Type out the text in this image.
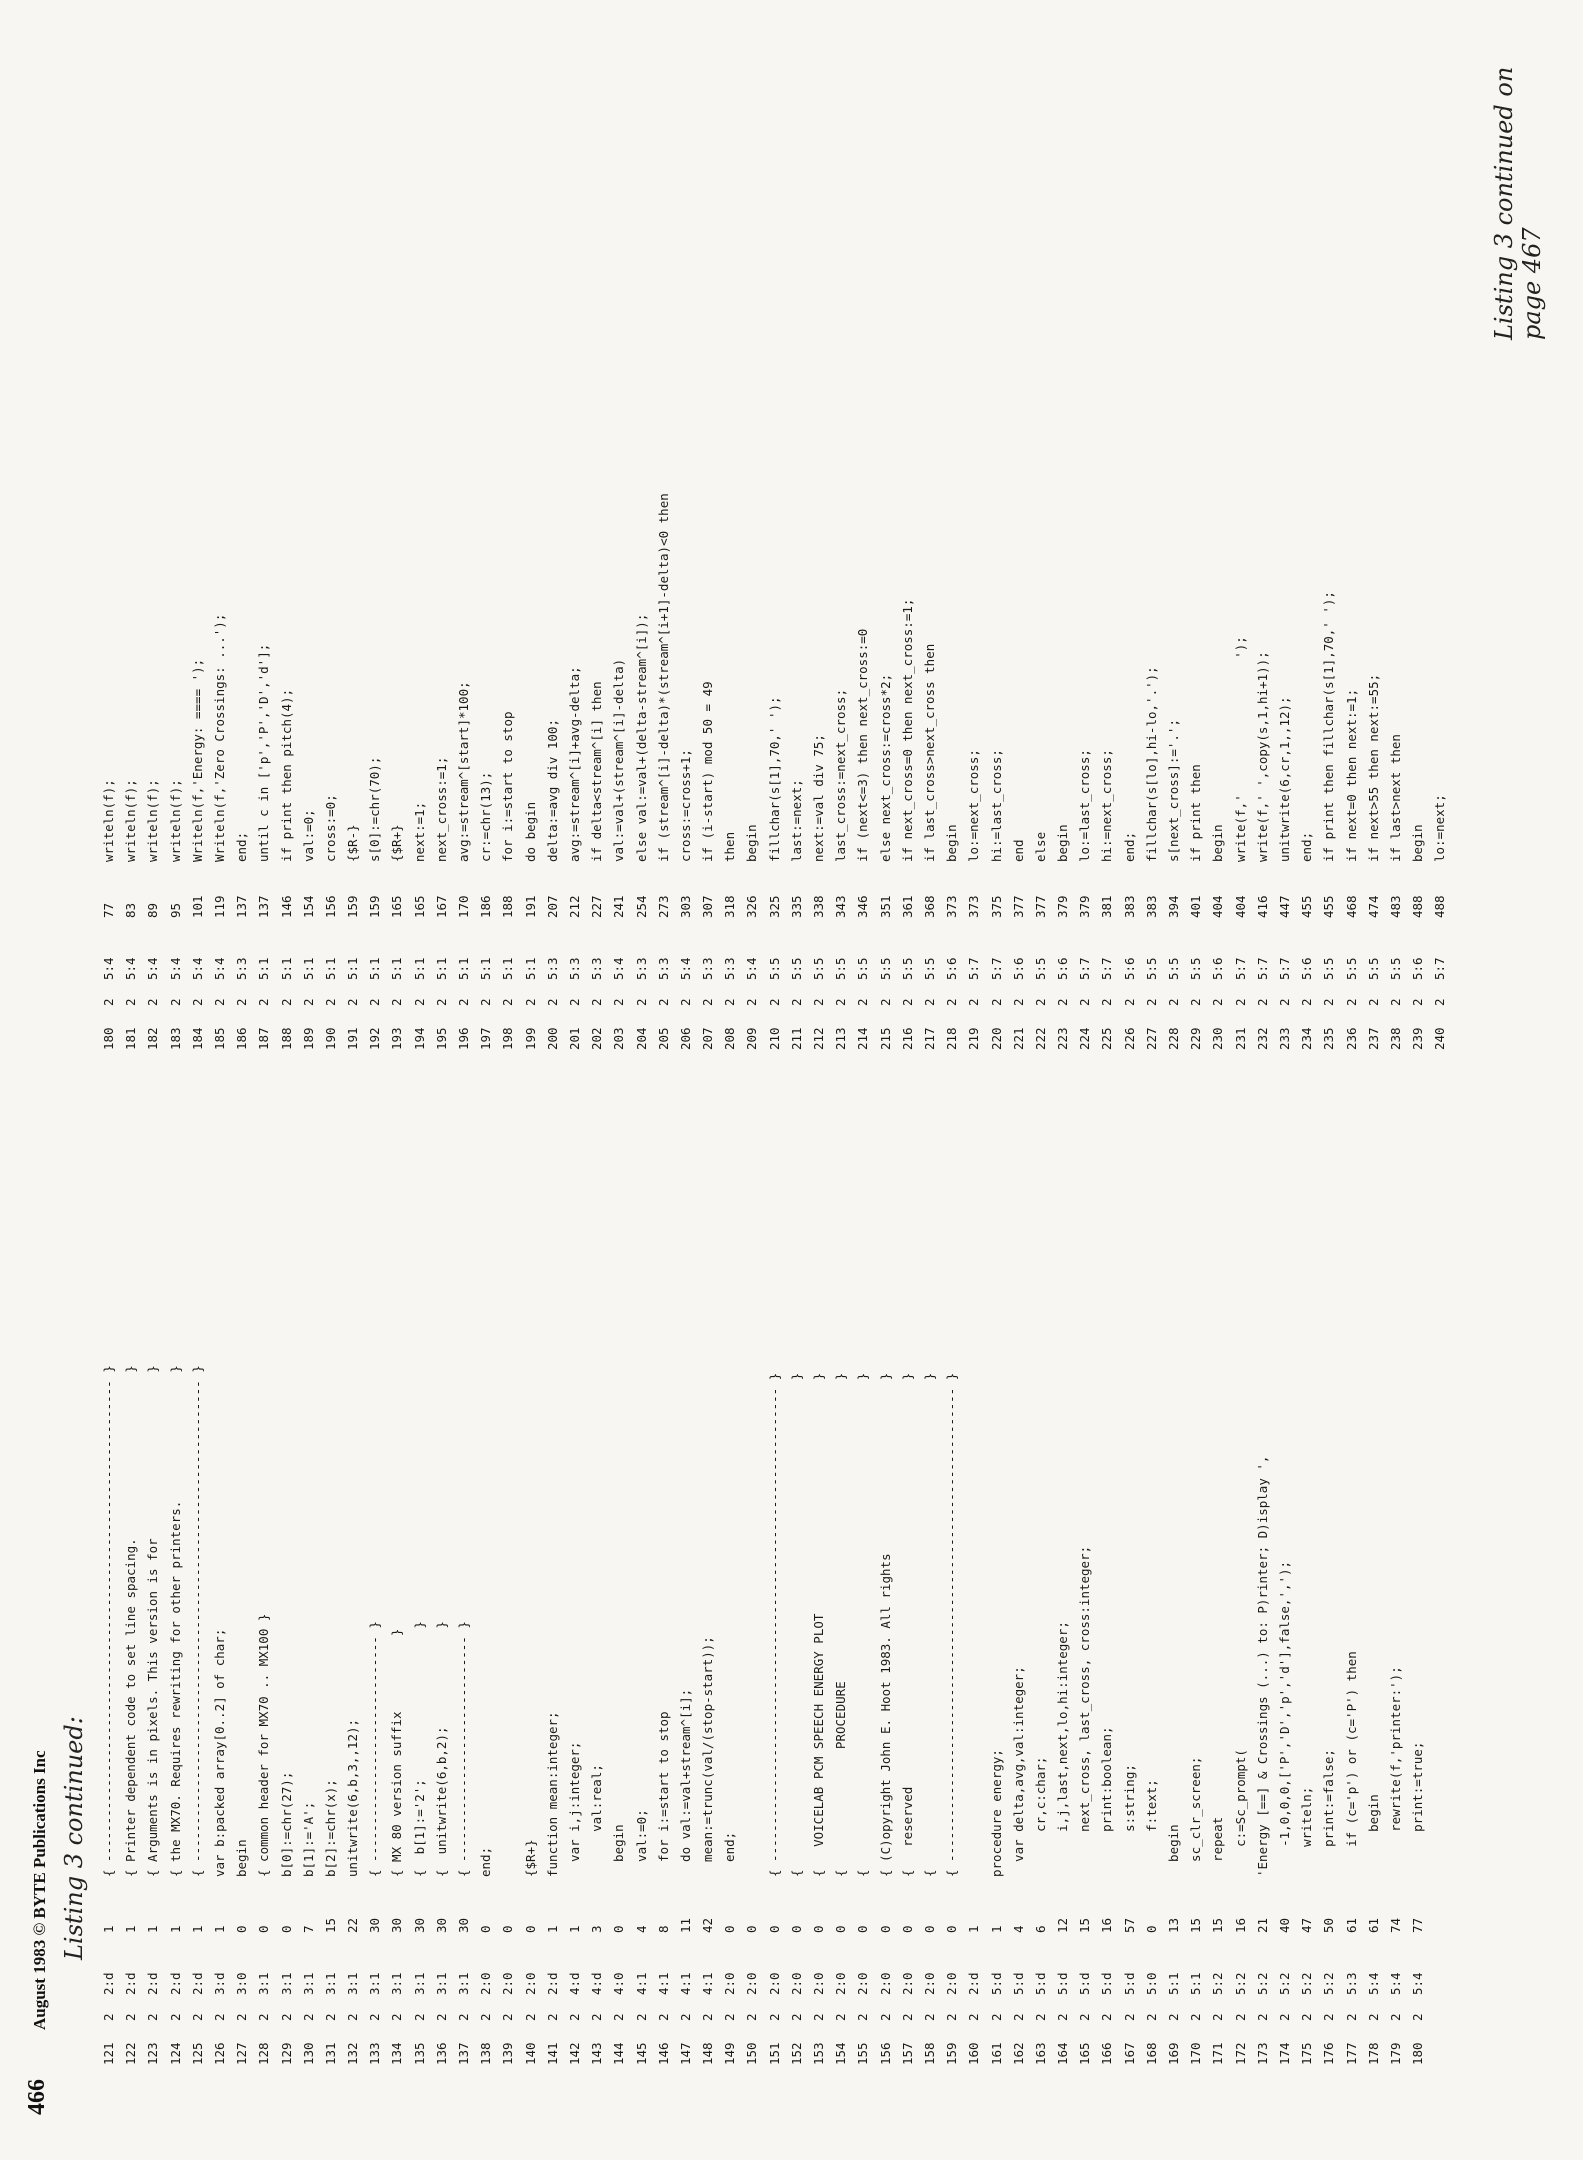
Listing 3 continued:
121
2
2:d
1
{ ---------------------------------------------------------------- }
122
2
2:d
1
{ Printer dependent code to set line spacing.                      }
123
2
2:d
1
{ Arguments is in pixels. This version is for                      }
124
2
2:d
1
{ the MX70. Requires rewriting for other printers.                 }
125
2
2:d
1
{ ---------------------------------------------------------------- }
126
2
3:d
1
var b:packed array[0..2] of char;
127
2
3:0
0
begin
128
2
3:1
0
{ common header for MX70 .. MX100 }
129
2
3:1
0
b[0]:=chr(27);
130
2
3:1
7
b[1]:='A';
131
2
3:1
15
b[2]:=chr(x);
132
2
3:1
22
unitwrite(6,b,3,,12);
133
2
3:1
30
{ ------------------------------ }
134
2
3:1
30
{ MX 80 version suffix          }
135
2
3:1
30
{  b[1]:='2';                    }
136
2
3:1
30
{  unitwrite(6,b,2);             }
137
2
3:1
30
{ ------------------------------ }
138
2
2:0
0
end;
139
2
2:0
0
140
2
2:0
0
{$R+}
141
2
2:d
1
function mean:integer;
142
2
4:d
1
var i,j:integer;
143
2
4:d
3
val:real;
144
2
4:0
0
begin
145
2
4:1
4
val:=0;
146
2
4:1
8
for i:=start to stop
147
2
4:1
11
do val:=val+stream^[i];
148
2
4:1
42
mean:=trunc(val/(stop-start));
149
2
2:0
0
end;
150
2
2:0
0
151
2
2:0
0
{ --------------------------------------------------------------- }
152
2
2:0
0
{                                                                 }
153
2
2:0
0
{   VOICELAB PCM SPEECH ENERGY PLOT                               }
154
2
2:0
0
{                PROCEDURE                                        }
155
2
2:0
0
{                                                                 }
156
2
2:0
0
{ (C)opyright John E. Hoot 1983. All rights                       }
157
2
2:0
0
{   reserved                                                      }
158
2
2:0
0
{                                                                 }
159
2
2:0
0
{ --------------------------------------------------------------- }
160
2
2:d
1
161
2
5:d
1
procedure energy;
162
2
5:d
4
var delta,avg,val:integer;
163
2
5:d
6
cr,c:char;
164
2
5:d
12
i,j,last,next,lo,hi:integer;
165
2
5:d
15
next_cross, last_cross, cross:integer;
166
2
5:d
16
print:boolean;
167
2
5:d
57
s:string;
168
2
5:0
0
f:text;
169
2
5:1
13
begin
170
2
5:1
15
sc_clr_screen;
171
2
5:2
15
repeat
172
2
5:2
16
c:=Sc_prompt(
173
2
5:2
21
'Energy [==] & Crossings (...) to: P)rinter; D)isplay ',
174
2
5:2
40
-1,0,0,0,['P','D','p','d'],false,',');
175
2
5:2
47
writeln;
176
2
5:2
50
print:=false;
177
2
5:3
61
if (c='p') or (c='P') then
178
2
5:4
61
begin
179
2
5:4
74
rewrite(f,'printer:');
180
2
5:4
77
print:=true;
180
2
5:4
77
writeln(f);
181
2
5:4
83
writeln(f);
182
2
5:4
89
writeln(f);
183
2
5:4
95
writeln(f);
184
2
5:4
101
Writeln(f,'Energy: ==== ');
185
2
5:4
119
Writeln(f,'Zero Crossings: ...');
186
2
5:3
137
end;
187
2
5:1
137
until c in ['p','P','D','d'];
188
2
5:1
146
if print then pitch(4);
189
2
5:1
154
val:=0;
190
2
5:1
156
cross:=0;
191
2
5:1
159
{$R-}
192
2
5:1
159
s[0]:=chr(70);
193
2
5:1
165
{$R+}
194
2
5:1
165
next:=1;
195
2
5:1
167
next_cross:=1;
196
2
5:1
170
avg:=stream^[start]*100;
197
2
5:1
186
cr:=chr(13);
198
2
5:1
188
for i:=start to stop
199
2
5:1
191
do begin
200
2
5:3
207
delta:=avg div 100;
201
2
5:3
212
avg:=stream^[i]+avg-delta;
202
2
5:3
227
if delta<stream^[i] then
203
2
5:4
241
val:=val+(stream^[i]-delta)
204
2
5:3
254
else val:=val+(delta-stream^[i]);
205
2
5:3
273
if (stream^[i]-delta)*(stream^[i+1]-delta)<0 then
206
2
5:4
303
cross:=cross+1;
207
2
5:3
307
if (i-start) mod 50 = 49
208
2
5:3
318
then
209
2
5:4
326
begin
210
2
5:5
325
fillchar(s[1],70,' ');
211
2
5:5
335
last:=next;
212
2
5:5
338
next:=val div 75;
213
2
5:5
343
last_cross:=next_cross;
214
2
5:5
346
if (next<=3) then next_cross:=0
215
2
5:5
351
else next_cross:=cross*2;
216
2
5:5
361
if next_cross=0 then next_cross:=1;
217
2
5:5
368
if last_cross>next_cross then
218
2
5:6
373
begin
219
2
5:7
373
lo:=next_cross;
220
2
5:7
375
hi:=last_cross;
221
2
5:6
377
end
222
2
5:5
377
else
223
2
5:6
379
begin
224
2
5:7
379
lo:=last_cross;
225
2
5:7
381
hi:=next_cross;
226
2
5:6
383
end;
227
2
5:5
383
fillchar(s[lo],hi-lo,'.');
228
2
5:5
394
s[next_cross]:='.';
229
2
5:5
401
if print then
230
2
5:6
404
begin
231
2
5:7
404
write(f,'                  ');
232
2
5:7
416
write(f,' ',copy(s,1,hi+1));
233
2
5:7
447
unitwrite(6,cr,1,,12);
234
2
5:6
455
end;
235
2
5:5
455
if print then fillchar(s[1],70,' ');
236
2
5:5
468
if next=0 then next:=1;
237
2
5:5
474
if next>55 then next:=55;
238
2
5:5
483
if last>next then
239
2
5:6
488
begin
240
2
5:7
488
lo:=next;
Listing 3 continued on page 467
466
August 1983 © BYTE Publications Inc
